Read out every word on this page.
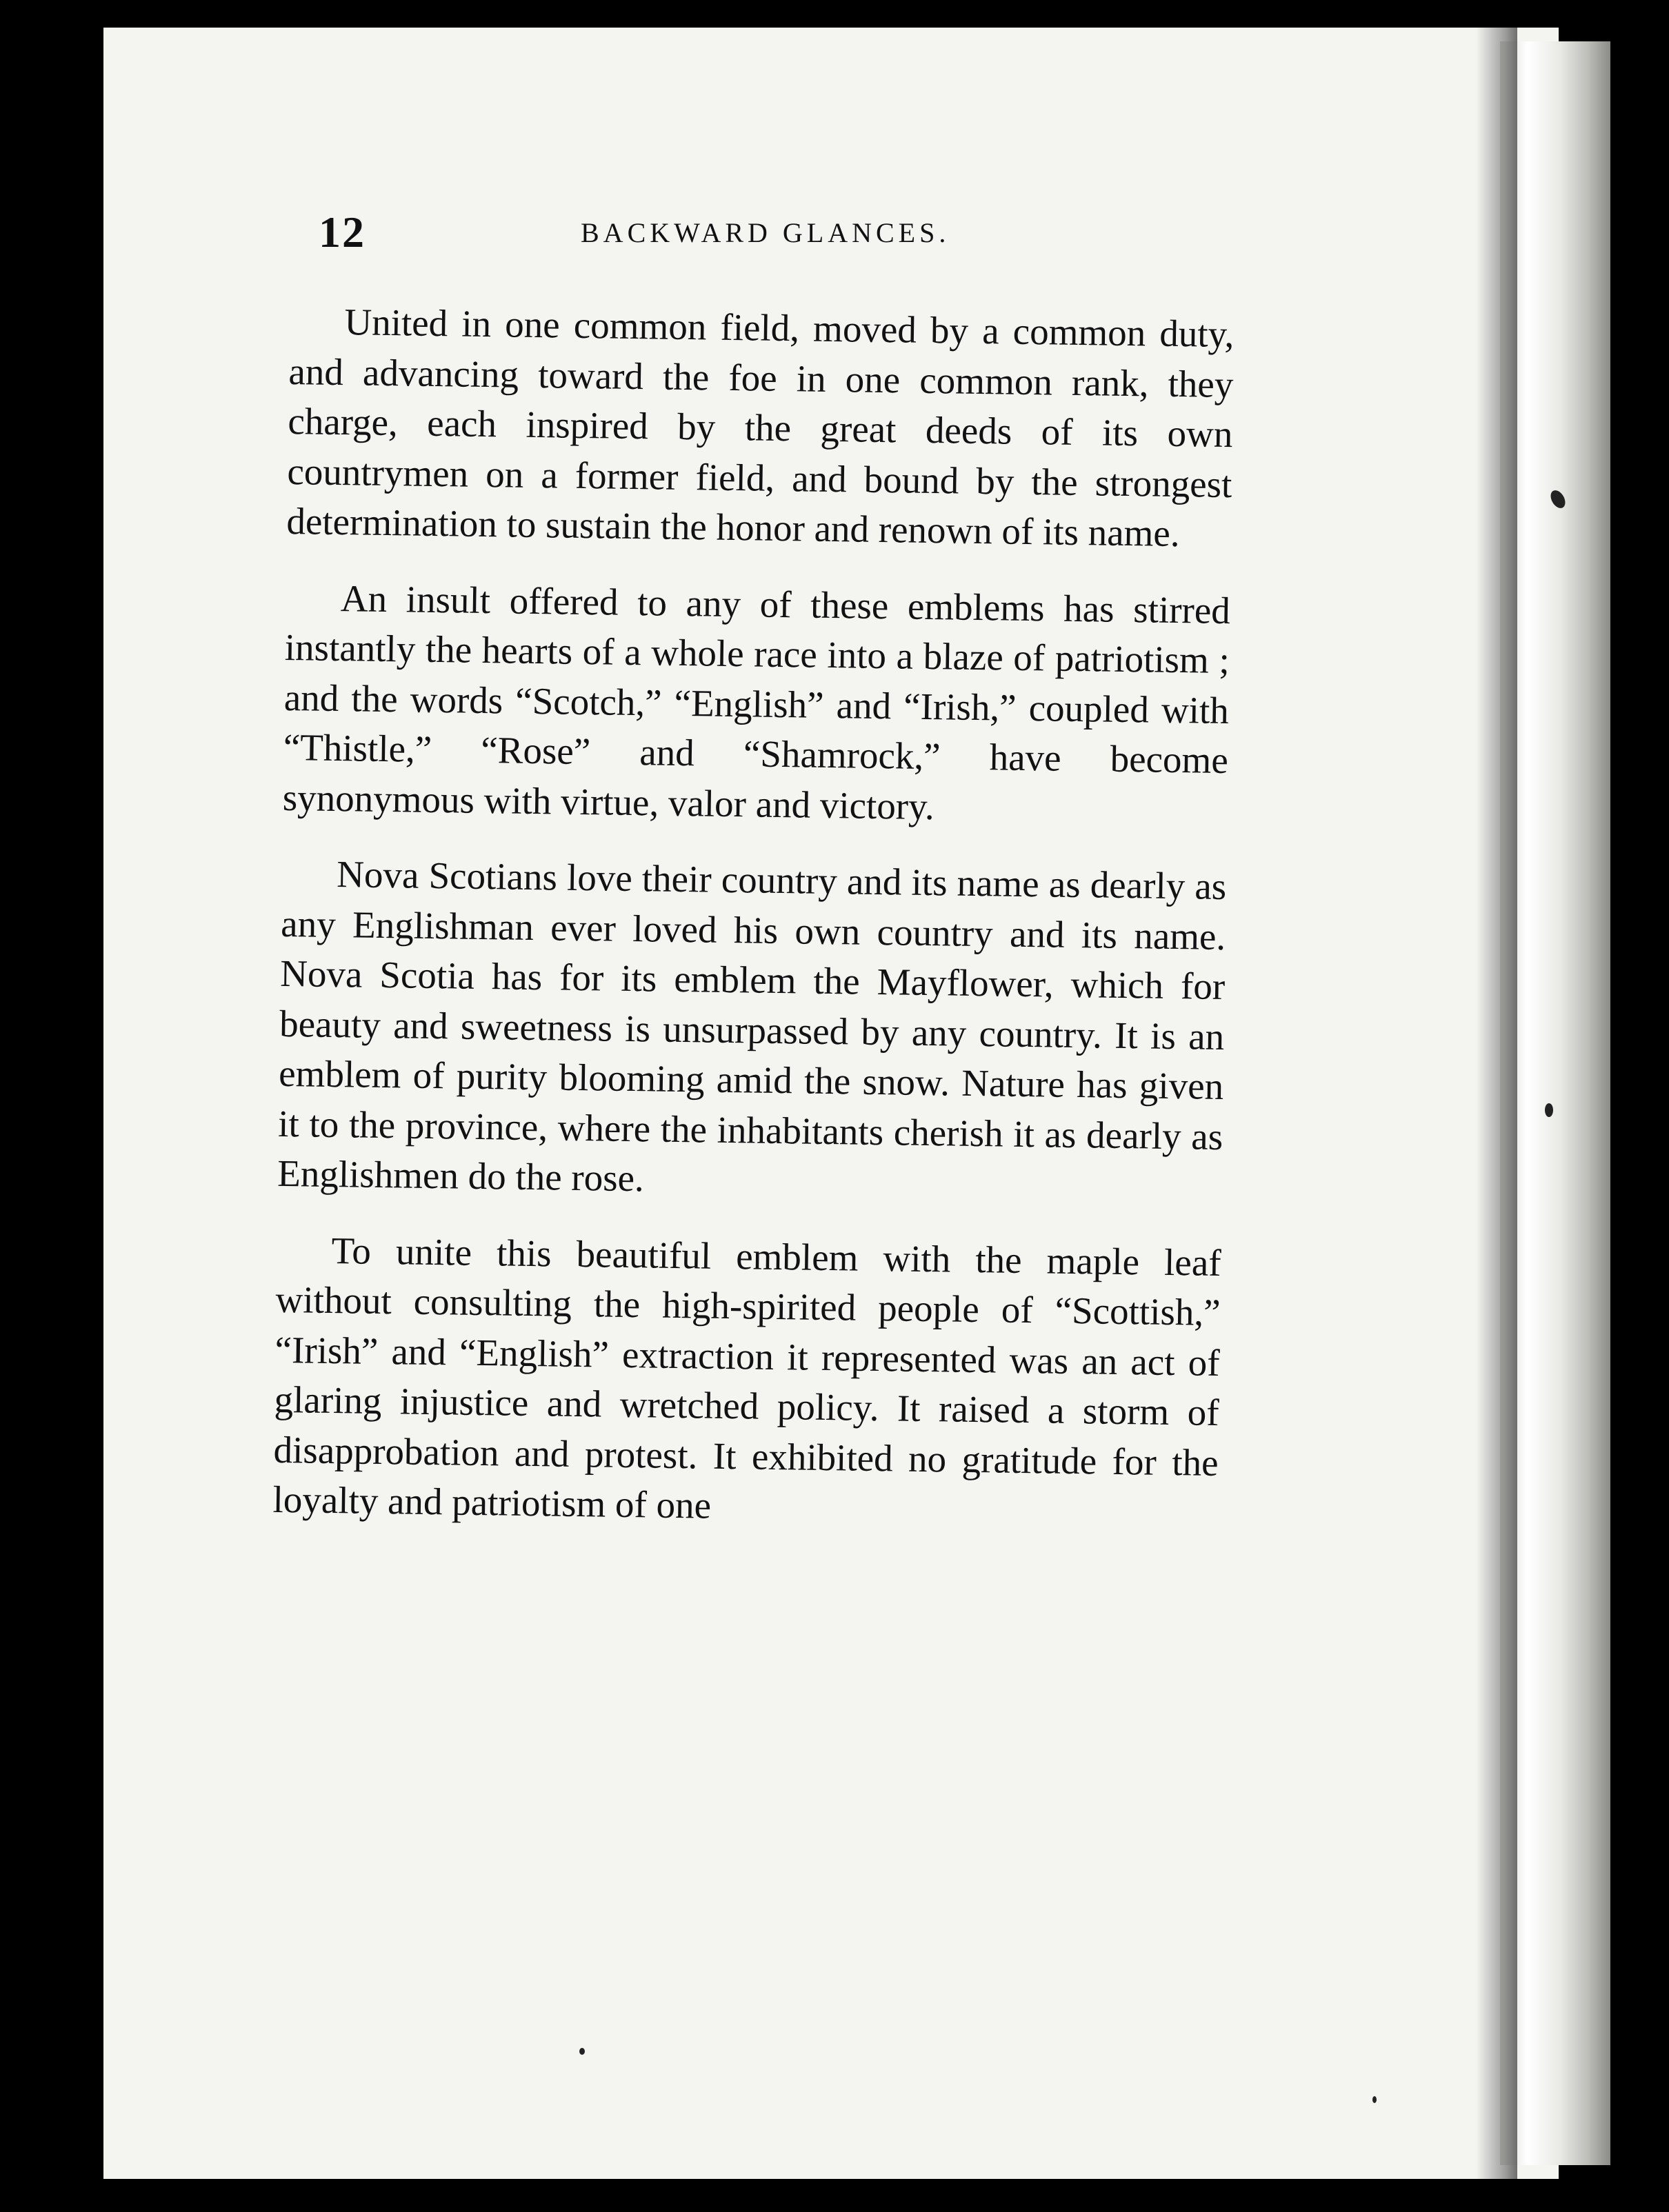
12	BACKWARD GLANCES.

United in one common field, moved by a common duty, and advancing toward the foe in one common rank, they charge, each inspired by the great deeds of its own countrymen on a former field, and bound by the strongest determination to sustain the honor and renown of its name.

An insult offered to any of these emblems has stirred instantly the hearts of a whole race into a blaze of patriotism ; and the words “Scotch,” “English” and “Irish,” coupled with “Thistle,” “Rose” and “Shamrock,” have become synonymous with virtue, valor and victory.

Nova Scotians love their country and its name as dearly as any Englishman ever loved his own country and its name. Nova Scotia has for its emblem the Mayflower, which for beauty and sweetness is unsurpassed by any country. It is an emblem of purity blooming amid the snow. Nature has given it to the province, where the inhabitants cherish it as dearly as Englishmen do the rose.

To unite this beautiful emblem with the maple leaf without consulting the high-spirited people of “Scottish,” “Irish” and “English” extraction it represented was an act of glaring injustice and wretched policy. It raised a storm of disapprobation and protest. It exhibited no gratitude for the loyalty and patriotism of one
